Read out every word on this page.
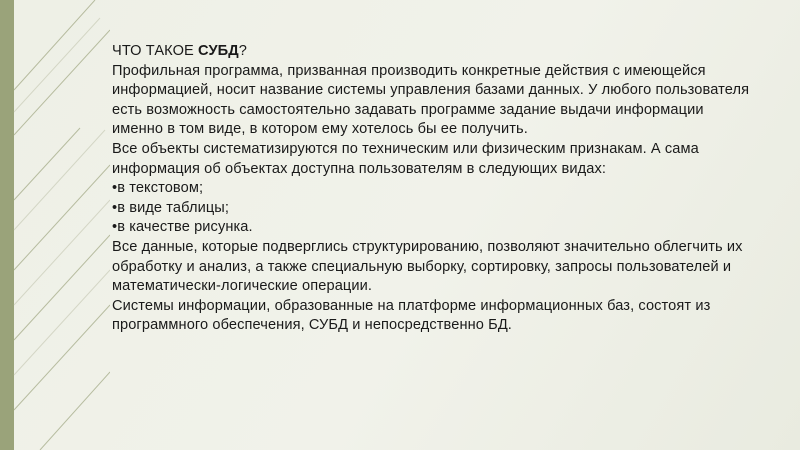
ЧТО ТАКОЕ СУБД?

Профильная программа, призванная производить конкретные действия с имеющейся информацией, носит название системы управления базами данных. У любого пользователя есть возможность самостоятельно задавать программе задание выдачи информации именно в том виде, в котором ему хотелось бы ее получить.

Все объекты систематизируются по техническим или физическим признакам. А сама информация об объектах доступна пользователям в следующих видах:

•в текстовом;

•в виде таблицы;

•в качестве рисунка.

Все данные, которые подверглись структурированию, позволяют значительно облегчить их обработку и анализ, а также специальную выборку, сортировку, запросы пользователей и математически-логические операции.

Системы информации, образованные на платформе информационных баз, состоят из программного обеспечения, СУБД и непосредственно БД.
